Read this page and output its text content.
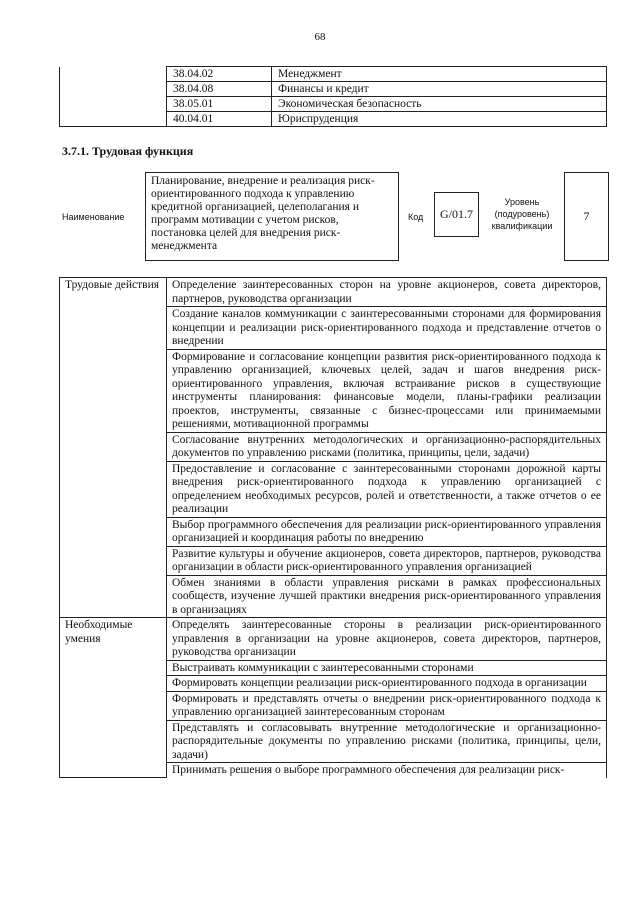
68
	38.04.02	Менеджмент
	38.04.08	Финансы и кредит
	38.05.01	Экономическая безопасность
	40.04.01	Юриспруденция
3.7.1. Трудовая функция
Наименование
Планирование, внедрение и реализация риск-ориентированного подхода к управлению кредитной организацией, целеполагания и программ мотивации с учетом рисков, постановка целей для внедрения риск-менеджмента
Код	G/01.7
Уровень (подуровень) квалификации
7
Трудовые действия	Определение заинтересованных сторон на уровне акционеров, совета директоров, партнеров, руководства организации
	Создание каналов коммуникации с заинтересованными сторонами для формирования концепции и реализации риск-ориентированного подхода и представление отчетов о внедрении
	Формирование и согласование концепции развития риск-ориентированного подхода к управлению организацией, ключевых целей, задач и шагов внедрения риск-ориентированного управления, включая встраивание рисков в существующие инструменты планирования: финансовые модели, планы-графики реализации проектов, инструменты, связанные с бизнес-процессами или принимаемыми решениями, мотивационной программы
	Согласование внутренних методологических и организационно-распорядительных документов по управлению рисками (политика, принципы, цели, задачи)
	Предоставление и согласование с заинтересованными сторонами дорожной карты внедрения риск-ориентированного подхода к управлению организацией с определением необходимых ресурсов, ролей и ответственности, а также отчетов о ее реализации
	Выбор программного обеспечения для реализации риск-ориентированного управления организацией и координация работы по внедрению
	Развитие культуры и обучение акционеров, совета директоров, партнеров, руководства организации в области риск-ориентированного управления организацией
	Обмен знаниями в области управления рисками в рамках профессиональных сообществ, изучение лучшей практики внедрения риск-ориентированного управления в организациях
Необходимые умения	Определять заинтересованные стороны в реализации риск-ориентированного управления в организации на уровне акционеров, совета директоров, партнеров, руководства организации
	Выстраивать коммуникации с заинтересованными сторонами
	Формировать концепции реализации риск-ориентированного подхода в организации
	Формировать и представлять отчеты о внедрении риск-ориентированного подхода к управлению организацией заинтересованным сторонам
	Представлять и согласовывать внутренние методологические и организационно-распорядительные документы по управлению рисками (политика, принципы, цели, задачи)
	Принимать решения о выборе программного обеспечения для реализации риск-
